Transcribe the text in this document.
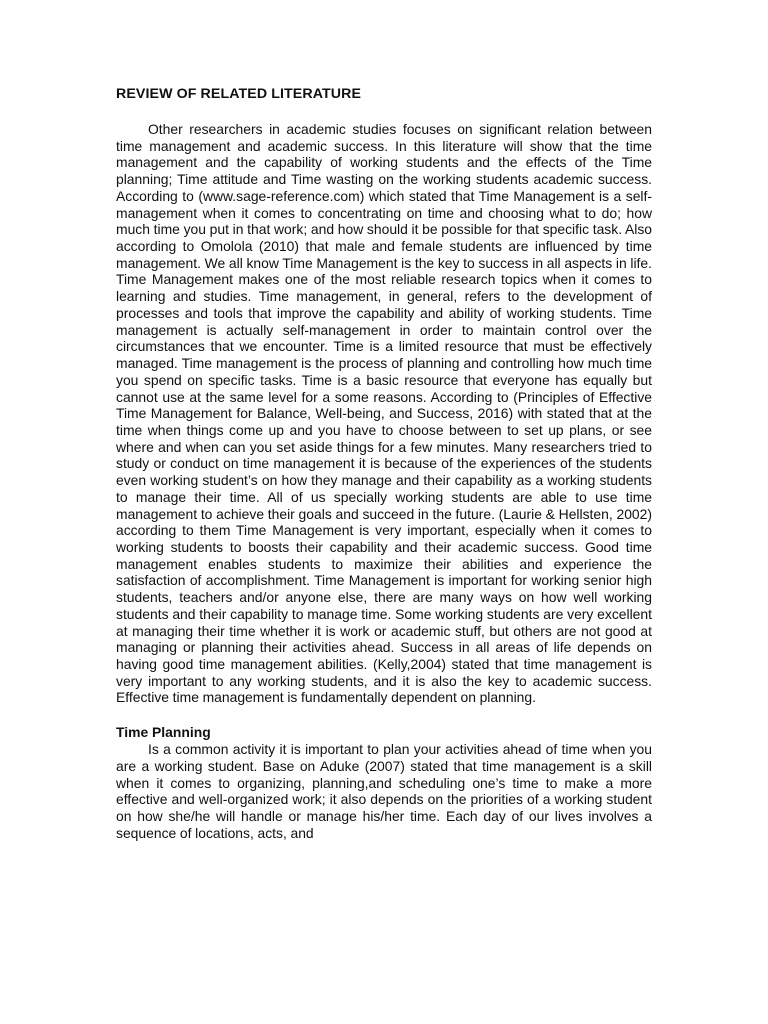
REVIEW OF RELATED LITERATURE

Other researchers in academic studies focuses on significant relation between time management and academic success. In this literature will show that the time management and the capability of working students and the effects of the Time planning; Time attitude and Time wasting on the working students academic success. According to (www.sage-reference.com) which stated that Time Management is a self-management when it comes to concentrating on time and choosing what to do; how much time you put in that work; and how should it be possible for that specific task. Also according to Omolola (2010) that male and female students are influenced by time management. We all know Time Management is the key to success in all aspects in life. Time Management makes one of the most reliable research topics when it comes to learning and studies. Time management, in general, refers to the development of processes and tools that improve the capability and ability of working students. Time management is actually self-management in order to maintain control over the circumstances that we encounter. Time is a limited resource that must be effectively managed. Time management is the process of planning and controlling how much time you spend on specific tasks. Time is a basic resource that everyone has equally but cannot use at the same level for a some reasons. According to (Principles of Effective Time Management for Balance, Well-being, and Success, 2016) with stated that at the time when things come up and you have to choose between to set up plans, or see where and when can you set aside things for a few minutes. Many researchers tried to study or conduct on time management it is because of the experiences of the students even working student’s on how they manage and their capability as a working students to manage their time. All of us specially working students are able to use time management to achieve their goals and succeed in the future. (Laurie & Hellsten, 2002) according to them Time Management is very important, especially when it comes to working students to boosts their capability and their academic success. Good time management enables students to maximize their abilities and experience the satisfaction of accomplishment. Time Management is important for working senior high students, teachers and/or anyone else, there are many ways on how well working students and their capability to manage time. Some working students are very excellent at managing their time whether it is work or academic stuff, but others are not good at managing or planning their activities ahead. Success in all areas of life depends on having good time management abilities. (Kelly,2004) stated that time management is very important to any working students, and it is also the key to academic success. Effective time management is fundamentally dependent on planning.

Time Planning

Is a common activity it is important to plan your activities ahead of time when you are a working student. Base on Aduke (2007) stated that time management is a skill when it comes to organizing, planning,and scheduling one’s time to make a more effective and well-organized work; it also depends on the priorities of a working student on how she/he will handle or manage his/her time. Each day of our lives involves a sequence of locations, acts, and
